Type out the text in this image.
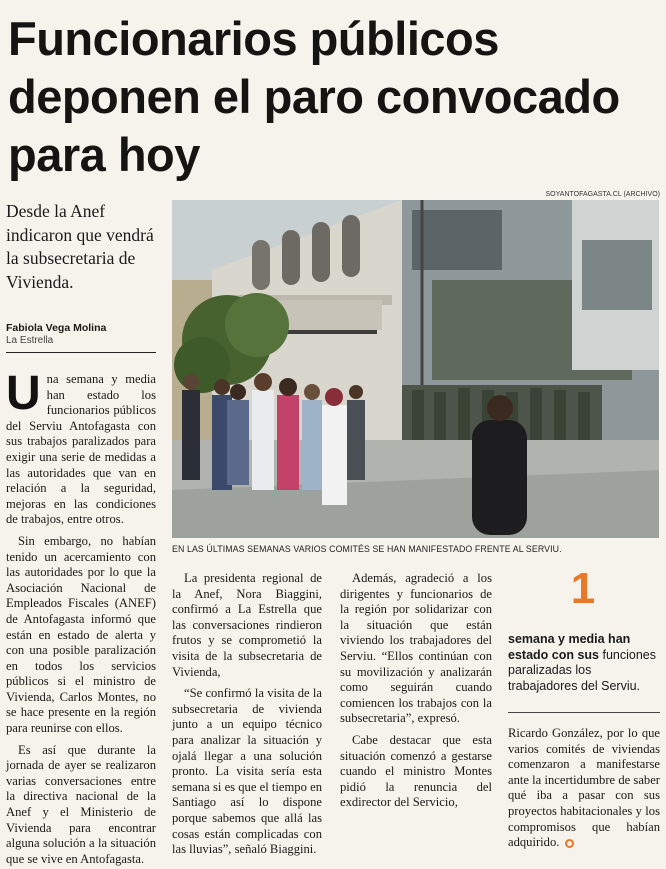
Funcionarios públicos deponen el paro convocado para hoy
Desde la Anef indicaron que vendrá la subsecretaria de Vivienda.
Fabiola Vega Molina
La Estrella
SOYANTOFAGASTA.CL (ARCHIVO)
EN LAS ÚLTIMAS SEMANAS VARIOS COMITÉS SE HAN MANIFESTADO FRENTE AL SERVIU.

Una semana y media han estado los funcionarios públicos del Serviu Antofagasta con sus trabajos paralizados para exigir una serie de medidas a las autoridades que van en relación a la seguridad, mejoras en las condiciones de trabajos, entre otros.

Sin embargo, no habían tenido un acercamiento con las autoridades por lo que la Asociación Nacional de Empleados Fiscales (ANEF) de Antofagasta informó que están en estado de alerta y con una posible paralización en todos los servicios públicos si el ministro de Vivienda, Carlos Montes, no se hace presente en la región para reunirse con ellos.

Es así que durante la jornada de ayer se realizaron varias conversaciones entre la directiva nacional de la Anef y el Ministerio de Vivienda para encontrar alguna solución a la situación que se vive en Antofagasta.

La presidenta regional de la Anef, Nora Biaggini, confirmó a La Estrella que las conversaciones rindieron frutos y se comprometió la visita de la subsecretaria de Vivienda,

“Se confirmó la visita de la subsecretaria de vivienda junto a un equipo técnico para analizar la situación y ojalá llegar a una solución pronto. La visita sería esta semana si es que el tiempo en Santiago así lo dispone porque sabemos que allá las cosas están complicadas con las lluvias”, señaló Biaggini.

Además, agradeció a los dirigentes y funcionarios de la región por solidarizar con la situación que están viviendo los trabajadores del Serviu. “Ellos continúan con su movilización y analizarán como seguirán cuando comiencen los trabajos con la subsecretaria”, expresó.

Cabe destacar que esta situación comenzó a gestarse cuando el ministro Montes pidió la renuncia del exdirector del Servicio,

1
semana y media han estado con sus funciones paralizadas los trabajadores del Serviu.

Ricardo González, por lo que varios comités de viviendas comenzaron a manifestarse ante la incertidumbre de saber qué iba a pasar con sus proyectos habitacionales y los compromisos que habían adquirido.
